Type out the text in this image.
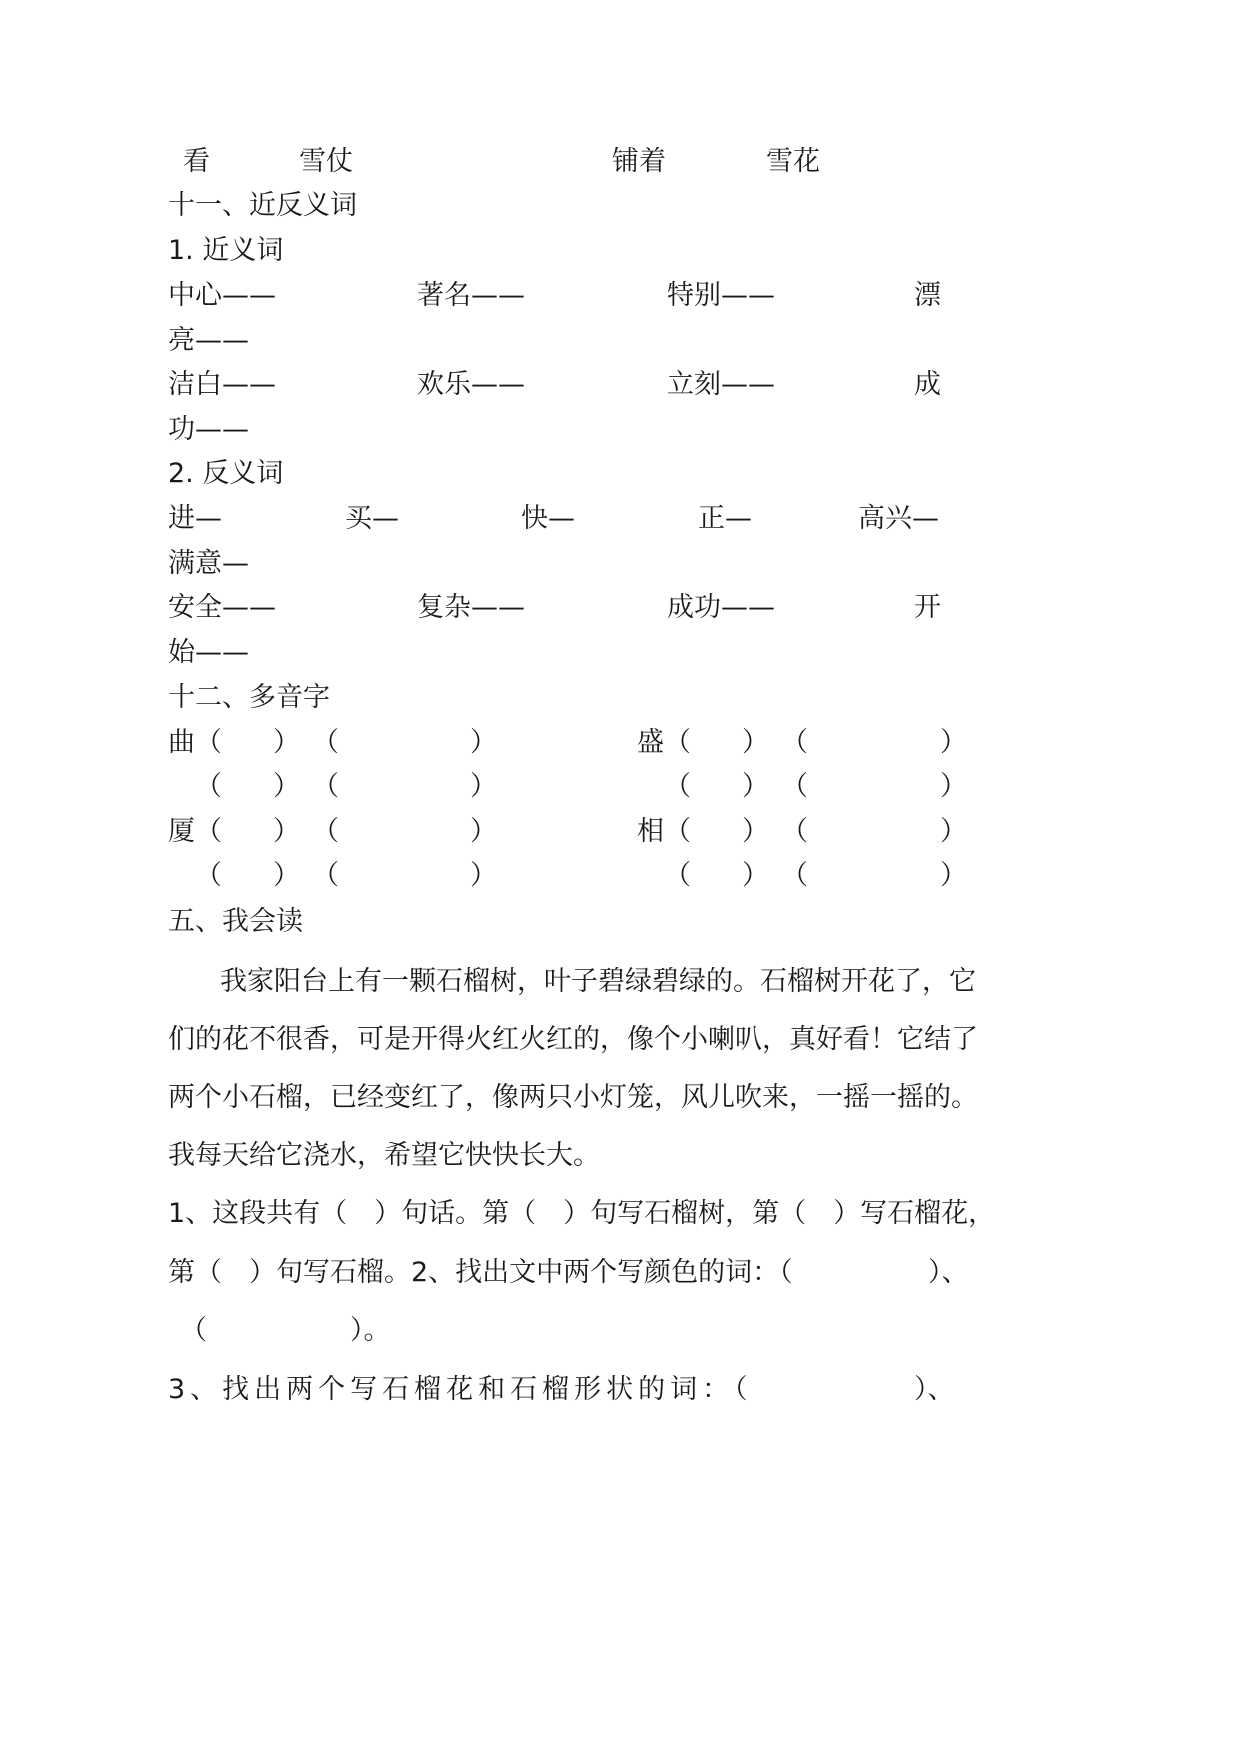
看	雪仗	铺着	雪花
十一、近反义词
1. 近义词
中心——	著名——	特别——	漂
亮——
洁白——	欢乐——	立刻——	成
功——
2. 反义词
进—	买—	快—	正—	高兴—
满意—
安全——	复杂——	成功——	开
始——
十二、多音字
曲 （ ） （	）	盛 （ ） （	）
（ ） （	）	（ ） （	）
厦 （ ） （	）	相 （ ） （	）
（ ） （	）	（ ） （	）
五、我会读
我家阳台上有一颗石榴树，叶子碧绿碧绿的。石榴树开花了，它
们的花不很香，可是开得火红火红的，像个小喇叭，真好看！它结了
两个小石榴，已经变红了，像两只小灯笼，风儿吹来，一摇一摇的。
我每天给它浇水，希望它快快长大。
1、这段共有（　）句话。第（　）句写石榴树，第（　）写石榴花，
第（　）句写石榴。2、找出文中两个写颜色的词：（	）、
（	）。
3、找出两个写石榴花和石榴形状的词：（	）、
